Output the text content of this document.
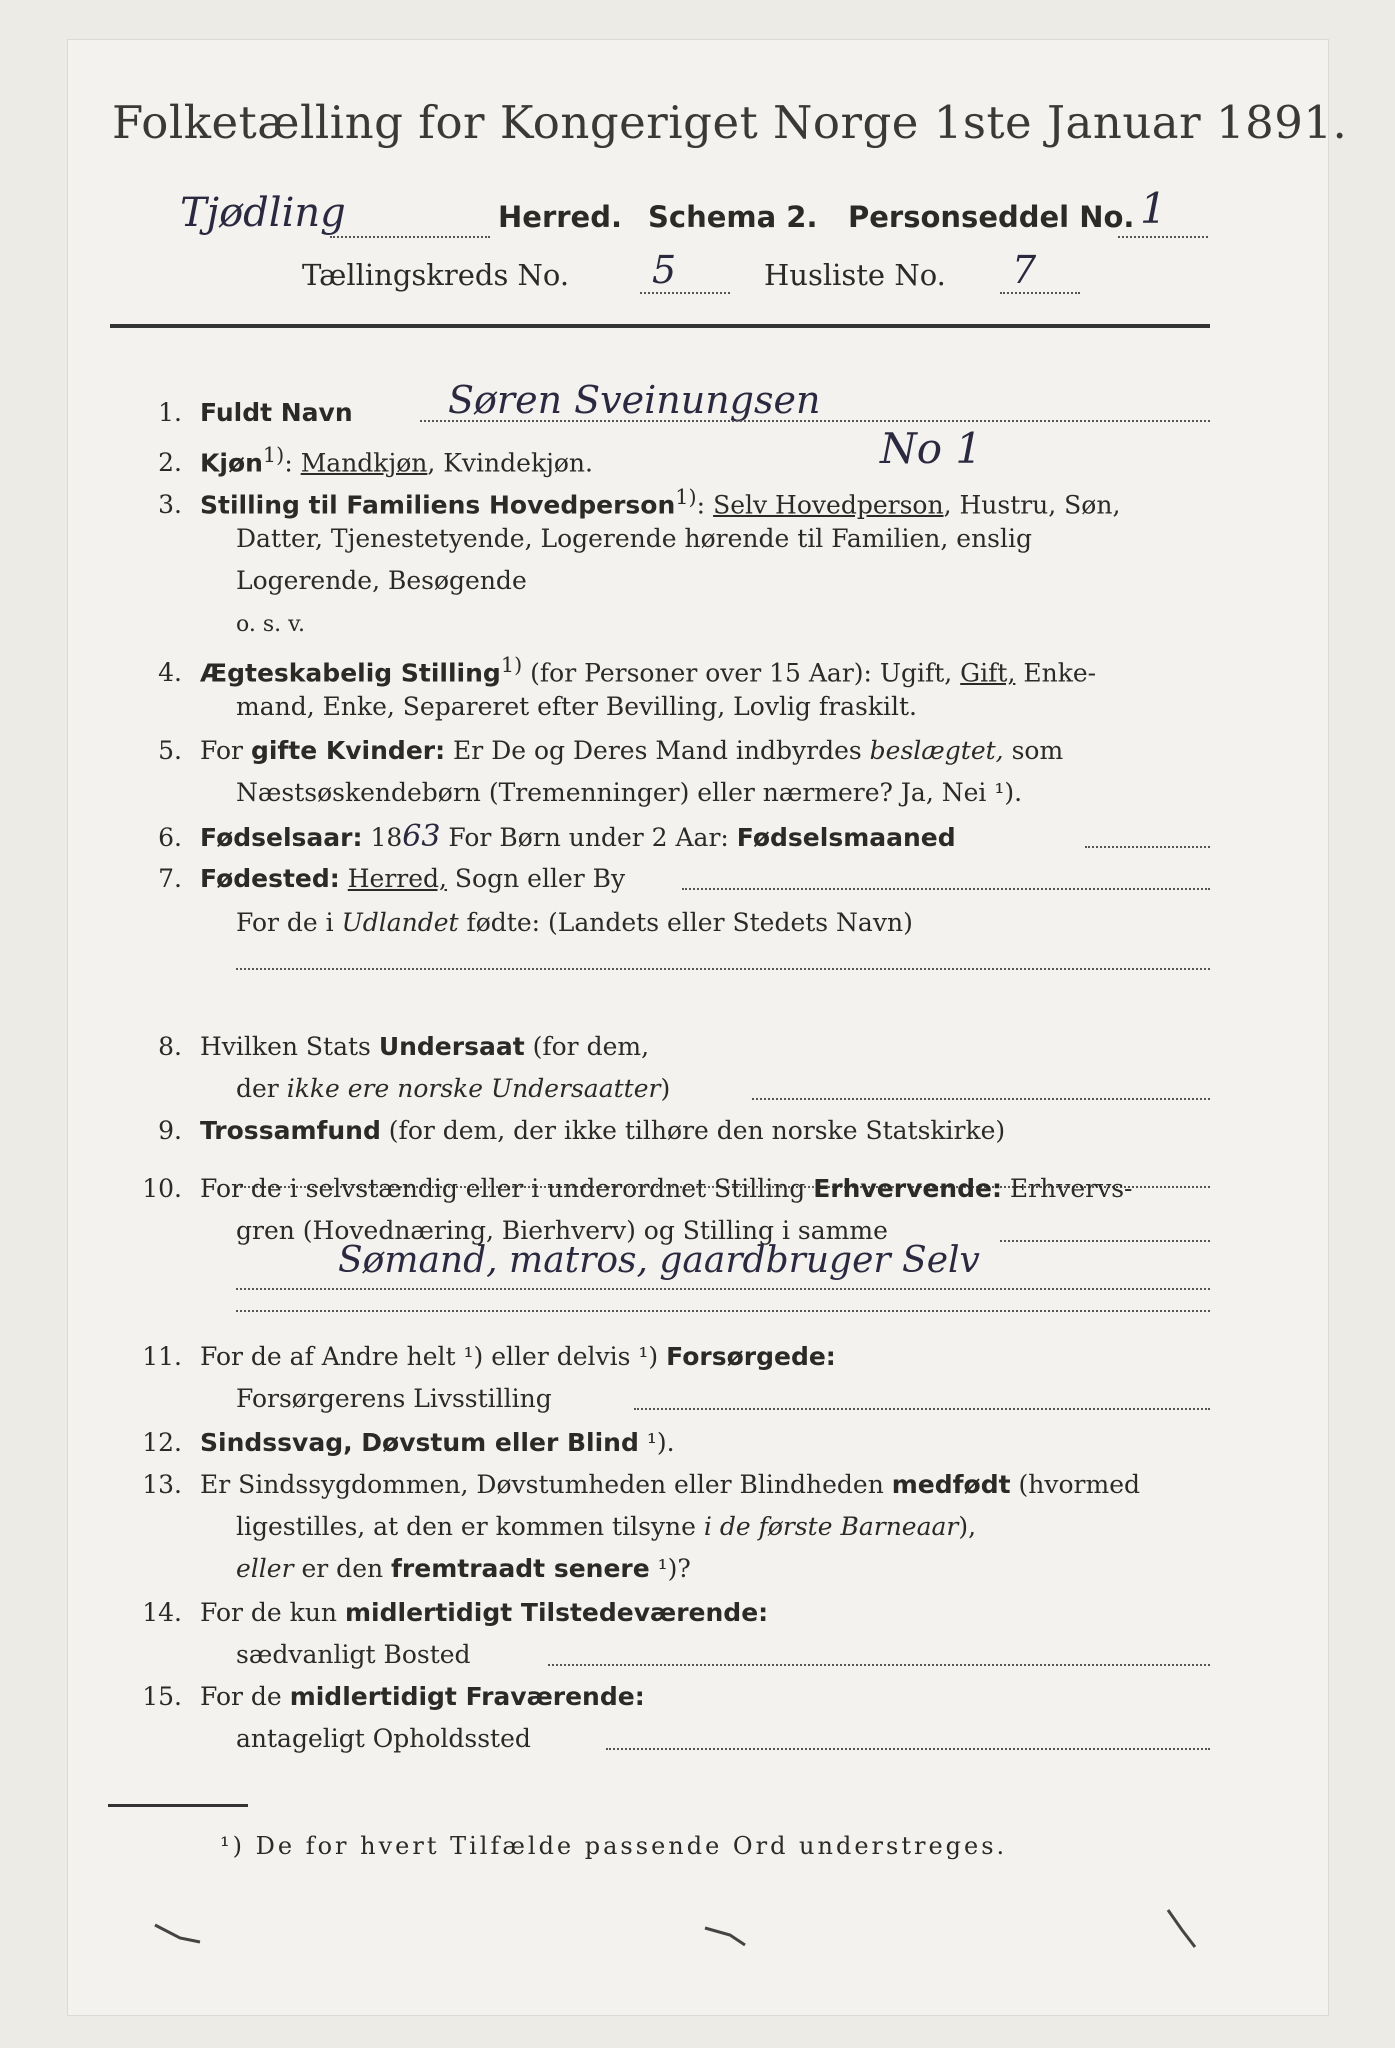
Folketælling for Kongeriget Norge 1ste Januar 1891.
Tjødling	Herred. Schema 2. Personseddel No. 1
Tællingskreds No. 5	Husliste No. 7
1. Fuldt Navn	Søren Sveinungsen
2. Kjøn$^{1)}$: Mandkjøn, Kvindekjøn.	No 1
3. Stilling til Familiens Hovedperson$^{1)}$: Selv Hovedperson, Hustru, Søn,
Datter, Tjenestetyende, Logerende hørende til Familien, enslig
Logerende, Besøgende
o. s. v.
4. Ægteskabelig Stilling$^{1)}$ (for Personer over 15 Aar): Ugift, Gift, Enke-
mand, Enke, Separeret efter Bevilling, Lovlig fraskilt.
5. For gifte Kvinder: Er De og Deres Mand indbyrdes beslægtet, som
Næstsøskendebørn (Tremenninger) eller nærmere? Ja, Nei ¹).
6. Fødselsaar: 1863 For Børn under 2 Aar: Fødselsmaaned
7. Fødested: Herred, Sogn eller By
For de i Udlandet fødte: (Landets eller Stedets Navn)
8. Hvilken Stats Undersaat (for dem,
der ikke ere norske Undersaatter)
9. Trossamfund (for dem, der ikke tilhøre den norske Statskirke)
10. For de i selvstændig eller i underordnet Stilling Erhvervende: Erhvervs-
gren (Hovednæring, Bierhverv) og Stilling i samme
Sømand, matros, gaardbruger Selv
11. For de af Andre helt ¹) eller delvis ¹) Forsørgede:
Forsørgerens Livsstilling
12. Sindssvag, Døvstum eller Blind ¹).
13. Er Sindssygdommen, Døvstumheden eller Blindheden medfødt (hvormed
ligestilles, at den er kommen tilsyne i de første Barneaar),
eller er den fremtraadt senere ¹)?
14. For de kun midlertidigt Tilstedeværende:
sædvanligt Bosted
15. For de midlertidigt Fraværende:
antageligt Opholdssted
¹) De for hvert Tilfælde passende Ord understreges.
